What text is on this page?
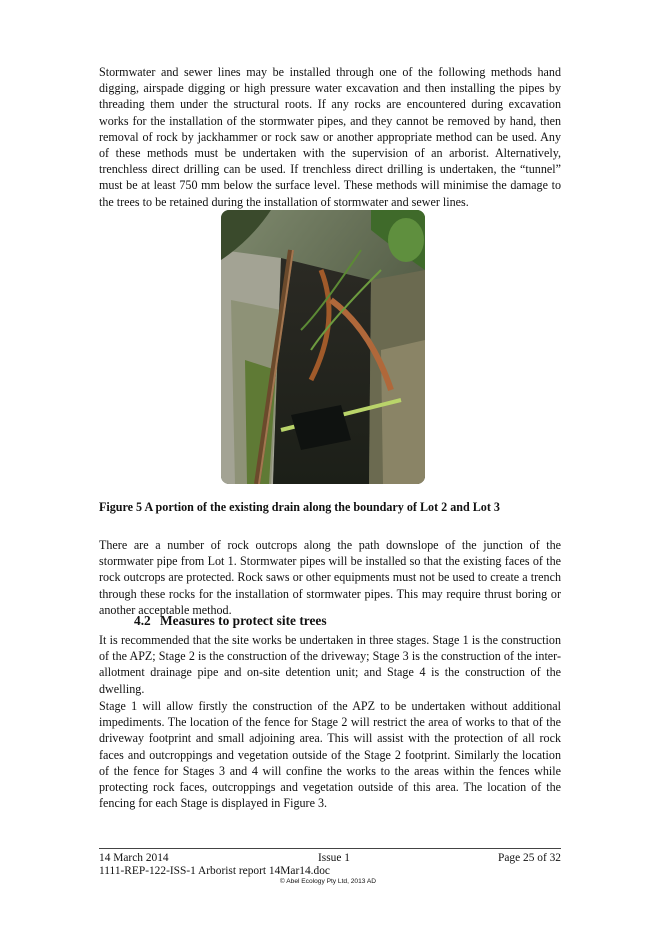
Stormwater and sewer lines may be installed through one of the following methods hand digging, airspade digging or high pressure water excavation and then installing the pipes by threading them under the structural roots. If any rocks are encountered during excavation works for the installation of the stormwater pipes, and they cannot be removed by hand, then removal of rock by jackhammer or rock saw or another appropriate method can be used. Any of these methods must be undertaken with the supervision of an arborist. Alternatively, trenchless direct drilling can be used. If trenchless direct drilling is undertaken, the “tunnel” must be at least 750 mm below the surface level. These methods will minimise the damage to the trees to be retained during the installation of stormwater and sewer lines.

Figure 5 A portion of the existing drain along the boundary of Lot 2 and Lot 3

There are a number of rock outcrops along the path downslope of the junction of the stormwater pipe from Lot 1. Stormwater pipes will be installed so that the existing faces of the rock outcrops are protected. Rock saws or other equipments must not be used to create a trench through these rocks for the installation of stormwater pipes. This may require thrust boring or another acceptable method.

4.2 Measures to protect site trees

It is recommended that the site works be undertaken in three stages. Stage 1 is the construction of the APZ; Stage 2 is the construction of the driveway; Stage 3 is the construction of the inter-allotment drainage pipe and on-site detention unit; and Stage 4 is the construction of the dwelling.

Stage 1 will allow firstly the construction of the APZ to be undertaken without additional impediments. The location of the fence for Stage 2 will restrict the area of works to that of the driveway footprint and small adjoining area. This will assist with the protection of all rock faces and outcroppings and vegetation outside of the Stage 2 footprint. Similarly the location of the fence for Stages 3 and 4 will confine the works to the areas within the fences while protecting rock faces, outcroppings and vegetation outside of this area. The location of the fencing for each Stage is displayed in Figure 3.

14 March 2014	Issue 1	Page 25 of 32

1111-REP-122-ISS-1 Arborist report 14Mar14.doc

© Abel Ecology Pty Ltd, 2013 AD
